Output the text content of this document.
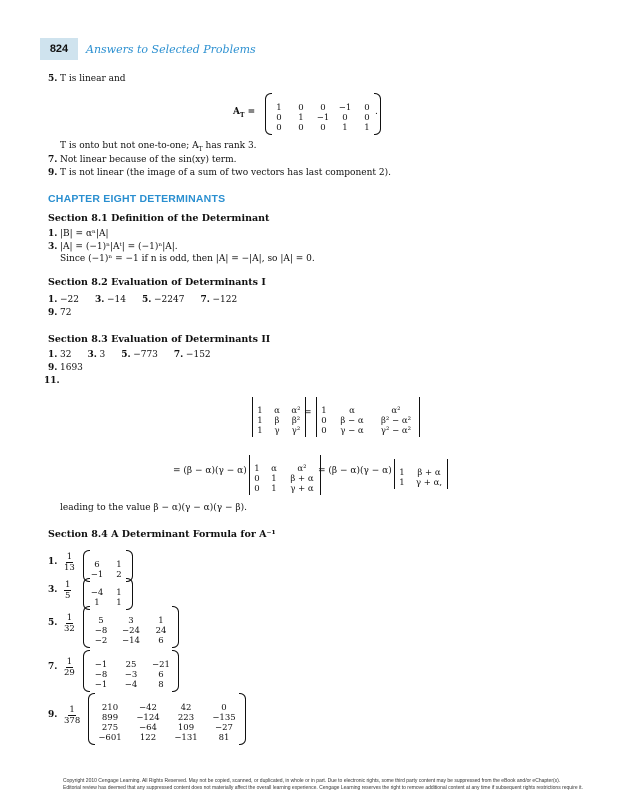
824	Answers to Selected Problems
5. T is linear and
$A_T$ =	1	0	0	−1	0
0	1	−1	0	0
0	0	0	1	1
.
T is onto but not one-to-one; $A_T$ has rank 3.
7. Not linear because of the sin(xy) term.
9. T is not linear (the image of a sum of two vectors has last component 2).
CHAPTER EIGHT DETERMINANTS
Section 8.1 Definition of the Determinant
1. |B| = αⁿ|A|
3. |A| = (−1)ⁿ|Aᵗ| = (−1)ⁿ|A|.
Since (−1)ⁿ = −1 if n is odd, then |A| = −|A|, so |A| = 0.
Section 8.2 Evaluation of Determinants I
1. −22 3. −14 5. −2247 7. −122
9. 72
Section 8.3 Evaluation of Determinants II
1. 32 3. 3 5. −773 7. −152
9. 1693
11.
1 α α²
1 β β²
1 γ γ²
= 1	α	α²
0	β − α	β² − α²
0	γ − α	γ² − α²
= (β − α)(γ − α) 1 α	α²
0 1	β + α
0 1	γ + α
= (β − α)(γ − α) 1	β + α
1 γ + α,
leading to the value β − α)(γ − α)(γ − β).
Section 8.4 A Determinant Formula for A⁻¹
1. $\frac{1}{13}$	6	1
−1	2
3. $\frac{1}{5} -4$	1
1	1
5. $\frac{1}{32}$	5	3	1
−8	−24	24
−2	−14	6
7. $\frac{1}{29}$	−1	25	−21
−8	−3	6
−1	−4	8
9. $\frac{1}{378}$	210	−42	42	0
899	−124	223	−135
275	−64	109	−27
−601	122	−131	81
Copyright 2010 Cengage Learning. All Rights Reserved. May not be copied, scanned, or duplicated, in whole or in part. Due to electronic rights, some third party content may be suppressed from the eBook and/or eChapter(s).
Editorial review has deemed that any suppressed content does not materially affect the overall learning experience. Cengage Learning reserves the right to remove additional content at any time if subsequent rights restrictions require it.
